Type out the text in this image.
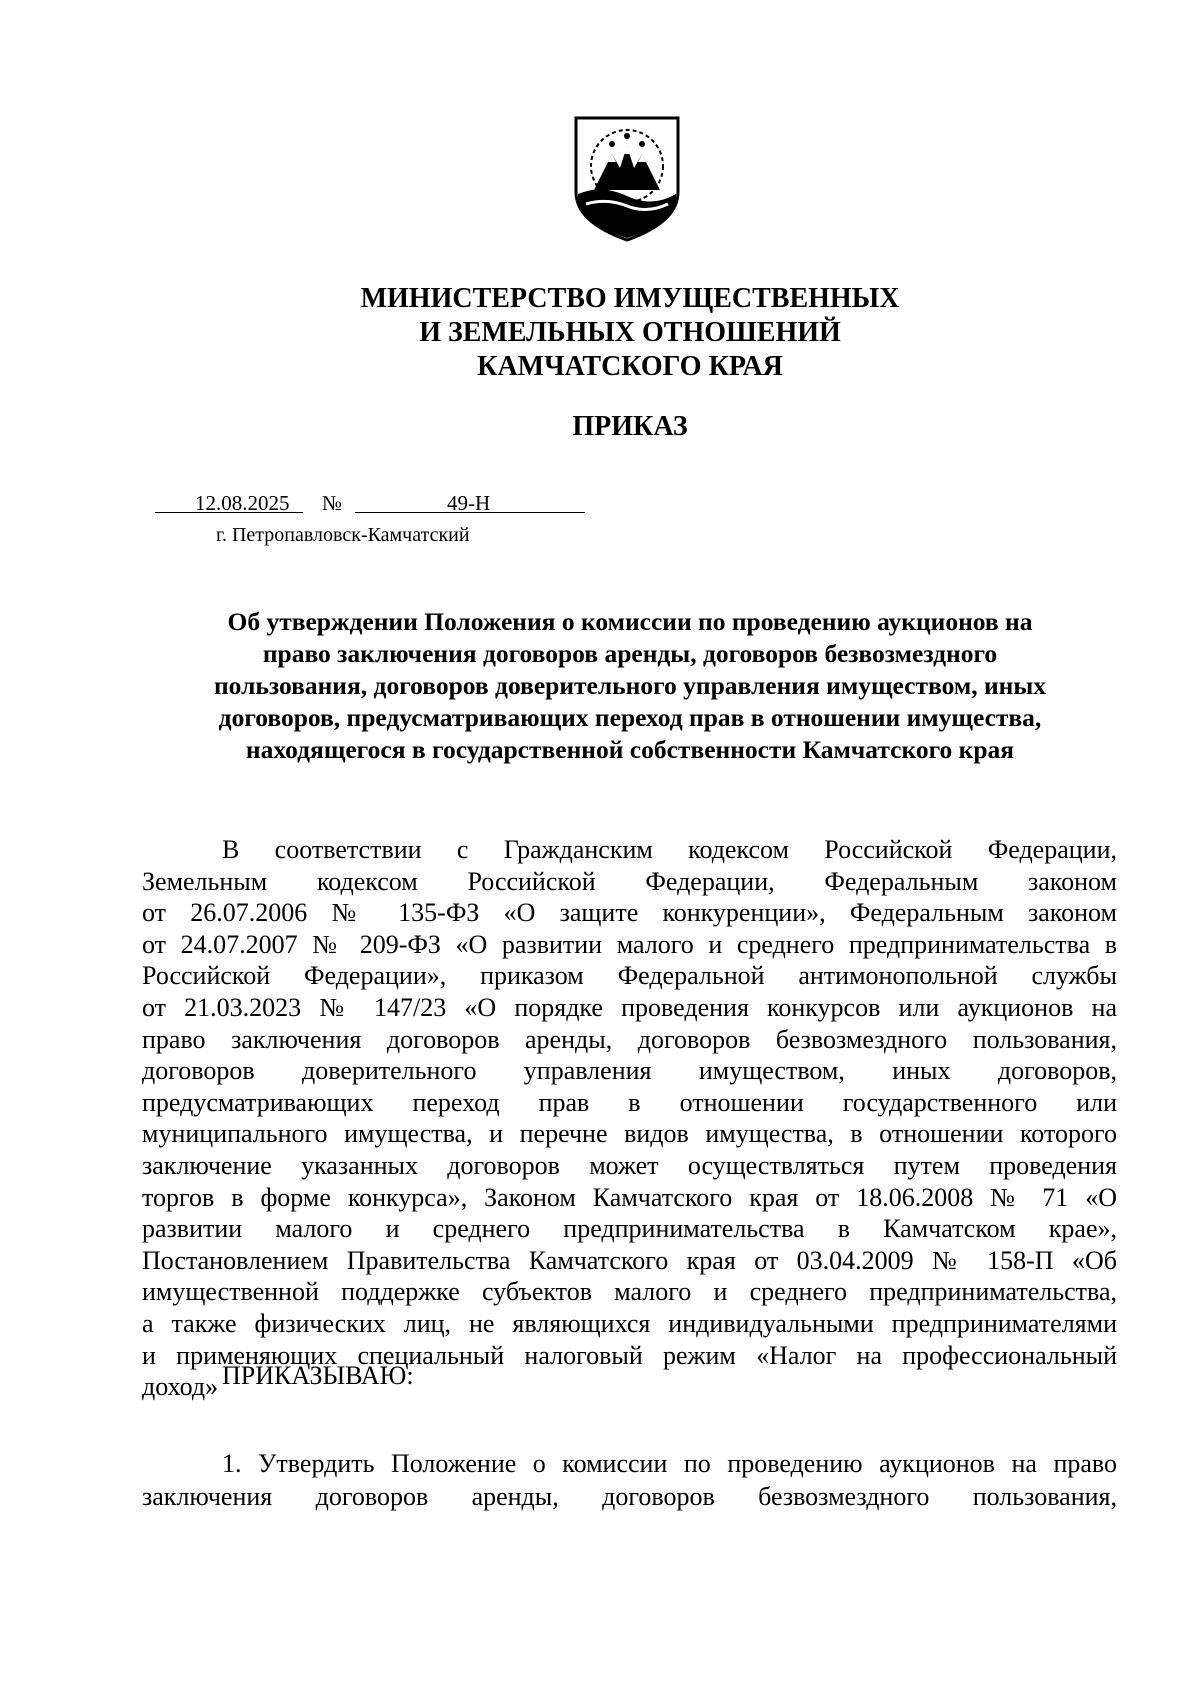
МИНИСТЕРСТВО ИМУЩЕСТВЕННЫХ
И ЗЕМЕЛЬНЫХ ОТНОШЕНИЙ
КАМЧАТСКОГО КРАЯ
ПРИКАЗ
12.08.2025 №	49-Н
г. Петропавловск-Камчатский
Об утверждении Положения о комиссии по проведению аукционов на
право заключения договоров аренды, договоров безвозмездного
пользования, договоров доверительного управления имуществом, иных
договоров, предусматривающих переход прав в отношении имущества,
находящегося в государственной собственности Камчатского края
В соответствии с Гражданским кодексом Российской Федерации,
Земельным кодексом Российской Федерации, Федеральным законом
от 26.07.2006 № 135-ФЗ «О защите конкуренции», Федеральным законом
от 24.07.2007 № 209-ФЗ «О развитии малого и среднего предпринимательства в
Российской Федерации», приказом Федеральной антимонопольной службы
от 21.03.2023 № 147/23 «О порядке проведения конкурсов или аукционов на
право заключения договоров аренды, договоров безвозмездного пользования,
договоров доверительного управления имуществом, иных договоров,
предусматривающих переход прав в отношении государственного или
муниципального имущества, и перечне видов имущества, в отношении которого
заключение указанных договоров может осуществляться путем проведения
торгов в форме конкурса», Законом Камчатского края от 18.06.2008 № 71 «О
развитии малого и среднего предпринимательства в Камчатском крае»,
Постановлением Правительства Камчатского края от 03.04.2009 № 158-П «Об
имущественной поддержке субъектов малого и среднего предпринимательства,
а также физических лиц, не являющихся индивидуальными предпринимателями
и применяющих специальный налоговый режим «Налог на профессиональный
доход» ПРИКАЗЫВАЮ:
1. Утвердить Положение о комиссии по проведению аукционов на право
заключения договоров аренды, договоров безвозмездного пользования,
